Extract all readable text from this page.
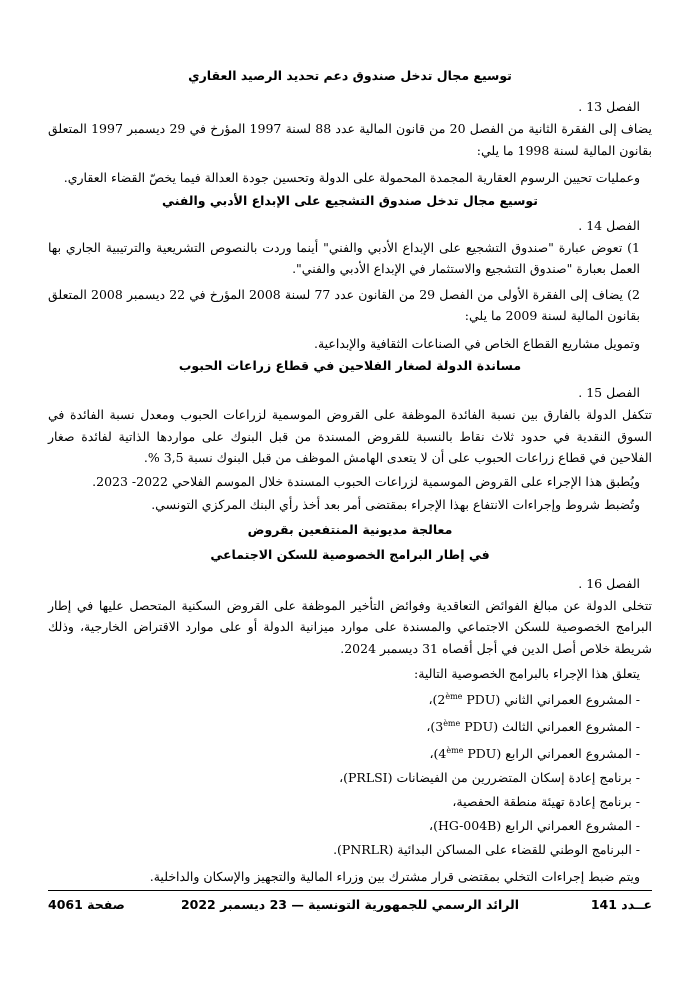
توسيع مجال تدخل صندوق دعم تحديد الرصيد العقاري

الفصل 13 .

يضاف إلى الفقرة الثانية من الفصل 20 من قانون المالية عدد 88 لسنة 1997 المؤرخ في 29 ديسمبر 1997 المتعلق بقانون المالية لسنة 1998 ما يلي:

وعمليات تحيين الرسوم العقارية المجمدة المحمولة على الدولة وتحسين جودة العدالة فيما يخصّ القضاء العقاري.

توسيع مجال تدخل صندوق التشجيع على الإبداع الأدبي والفني

الفصل 14 .

1) تعوض عبارة "صندوق التشجيع على الإبداع الأدبي والفني" أينما وردت بالنصوص التشريعية والترتيبية الجاري بها العمل بعبارة "صندوق التشجيع والاستثمار في الإبداع الأدبي والفني".

2) يضاف إلى الفقرة الأولى من الفصل 29 من القانون عدد 77 لسنة 2008 المؤرخ في 22 ديسمبر 2008 المتعلق بقانون المالية لسنة 2009 ما يلي:

وتمويل مشاريع القطاع الخاص في الصناعات الثقافية والإبداعية.

مساندة الدولة لصغار الفلاحين في قطاع زراعات الحبوب

الفصل 15 .

تتكفل الدولة بالفارق بين نسبة الفائدة الموظفة على القروض الموسمية لزراعات الحبوب ومعدل نسبة الفائدة في السوق النقدية في حدود ثلاث نقاط بالنسبة للقروض المسندة من قبل البنوك على مواردها الذاتية لفائدة صغار الفلاحين في قطاع زراعات الحبوب على أن لا يتعدى الهامش الموظف من قبل البنوك نسبة 3,5 %.

ويُطبق هذا الإجراء على القروض الموسمية لزراعات الحبوب المسندة خلال الموسم الفلاحي 2022- 2023.

وتُضبط شروط وإجراءات الانتفاع بهذا الإجراء بمقتضى أمر بعد أخذ رأي البنك المركزي التونسي.

معالجة مديونية المنتفعين بقروض

في إطار البرامج الخصوصية للسكن الاجتماعي

الفصل 16 .

تتخلى الدولة عن مبالغ الفوائض التعاقدية وفوائض التأخير الموظفة على القروض السكنية المتحصل عليها في إطار البرامج الخصوصية للسكن الاجتماعي والمسندة على موارد ميزانية الدولة أو على موارد الاقتراض الخارجية، وذلك شريطة خلاص أصل الدين في أجل أقصاه 31 ديسمبر 2024.

يتعلق هذا الإجراء بالبرامج الخصوصية التالية:

- المشروع العمراني الثاني (2ème PDU)،

- المشروع العمراني الثالث (3ème PDU)،

- المشروع العمراني الرابع (4ème PDU)،

- برنامج إعادة إسكان المتضررين من الفيضانات (PRLSI)،

- برنامج إعادة تهيئة منطقة الحفصية،

- المشروع العمراني الرابع (HG-004B)،

- البرنامج الوطني للقضاء على المساكن البدائية (PNRLR).

ويتم ضبط إجراءات التخلي بمقتضى قرار مشترك بين وزراء المالية والتجهيز والإسكان والداخلية.

عــدد 141
الرائد الرسمي للجمهورية التونسية — 23 ديسمبر 2022
صفحة 4061
